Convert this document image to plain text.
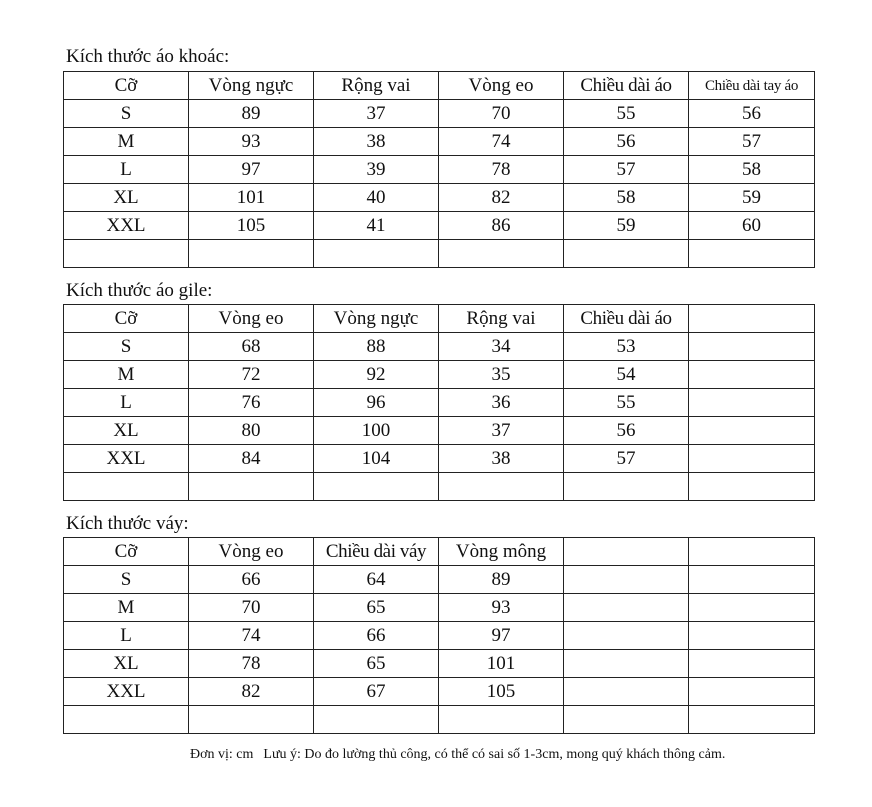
Kích thước áo khoác:
Cỡ	Vòng ngực	Rộng vai	Vòng eo	Chiều dài áo	Chiều dài tay áo
S	89	37	70	55	56
M	93	38	74	56	57
L	97	39	78	57	58
XL	101	40	82	58	59
XXL	105	41	86	59	60

Kích thước áo gile:
Cỡ	Vòng eo	Vòng ngực	Rộng vai	Chiều dài áo	
S	68	88	34	53	
M	72	92	35	54	
L	76	96	36	55	
XL	80	100	37	56	
XXL	84	104	38	57	

Kích thước váy:
Cỡ	Vòng eo	Chiều dài váy	Vòng mông		
S	66	64	89		
M	70	65	93		
L	74	66	97		
XL	78	65	101		
XXL	82	67	105		

Đơn vị: cm Lưu ý: Do đo lường thủ công, có thể có sai số 1-3cm, mong quý khách thông cảm.
